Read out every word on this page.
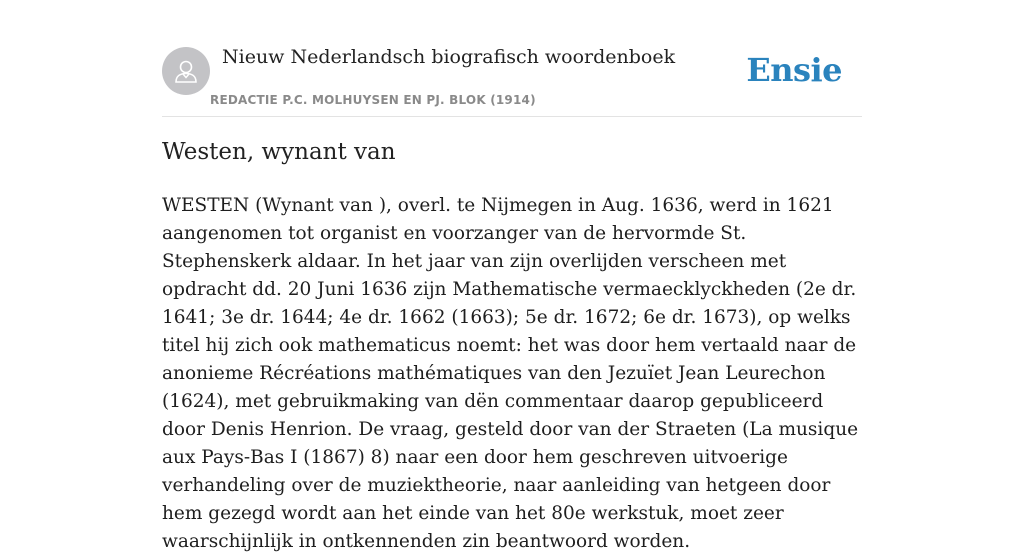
Nieuw Nederlandsch biografisch woordenboek
REDACTIE P.C. MOLHUYSEN EN PJ. BLOK (1914)
Ensie
Westen, wynant van

WESTEN (Wynant van ), overl. te Nijmegen in Aug. 1636, werd in 1621 aangenomen tot organist en voorzanger van de hervormde St. Stephenskerk aldaar. In het jaar van zijn overlijden verscheen met opdracht dd. 20 Juni 1636 zijn Mathematische vermaecklyckheden (2e dr. 1641; 3e dr. 1644; 4e dr. 1662 (1663); 5e dr. 1672; 6e dr. 1673), op welks titel hij zich ook mathematicus noemt: het was door hem vertaald naar de anonieme Récréations mathématiques van den Jezuïet Jean Leurechon (1624), met gebruikmaking van dën commentaar daarop gepubliceerd door Denis Henrion. De vraag, gesteld door van der Straeten (La musique aux Pays-Bas I (1867) 8) naar een door hem geschreven uitvoerige verhandeling over de muziektheorie, naar aanleiding van hetgeen door hem gezegd wordt aan het einde van het 80e werkstuk, moet zeer waarschijnlijk in ontkennenden zin beantwoord worden.
